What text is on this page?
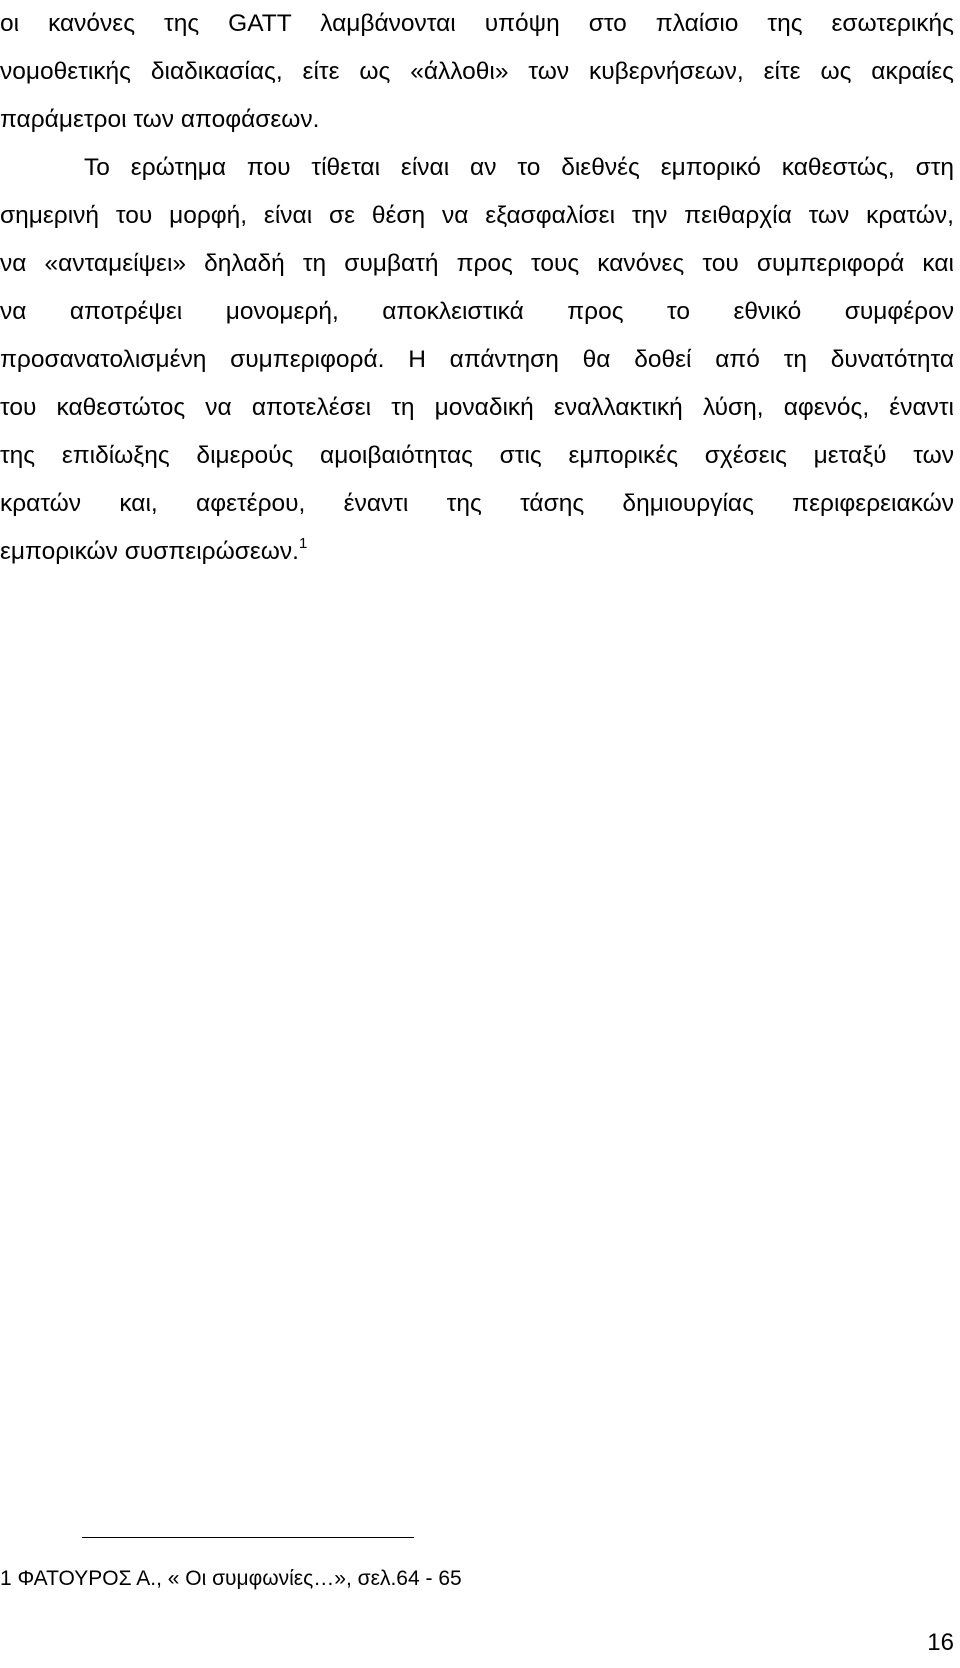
οι κανόνες της GATT λαμβάνονται υπόψη στο πλαίσιο της εσωτερικής
νομοθετικής διαδικασίας, είτε ως «άλλοθι» των κυβερνήσεων, είτε ως ακραίες
παράμετροι των αποφάσεων.
Το ερώτημα που τίθεται είναι αν το διεθνές εμπορικό καθεστώς, στη
σημερινή του μορφή, είναι σε θέση να εξασφαλίσει την πειθαρχία των κρατών,
να «ανταμείψει» δηλαδή τη συμβατή προς τους κανόνες του συμπεριφορά και
να αποτρέψει μονομερή, αποκλειστικά προς το εθνικό συμφέρον
προσανατολισμένη συμπεριφορά. Η απάντηση θα δοθεί από τη δυνατότητα
του καθεστώτος να αποτελέσει τη μοναδική εναλλακτική λύση, αφενός, έναντι
της επιδίωξης διμερούς αμοιβαιότητας στις εμπορικές σχέσεις μεταξύ των
κρατών και, αφετέρου, έναντι της τάσης δημιουργίας περιφερειακών
εμπορικών συσπειρώσεων.$^1$
1 ΦΑΤΟΥΡΟΣ Α., « Οι συμφωνίες…», σελ.64 - 65
16
